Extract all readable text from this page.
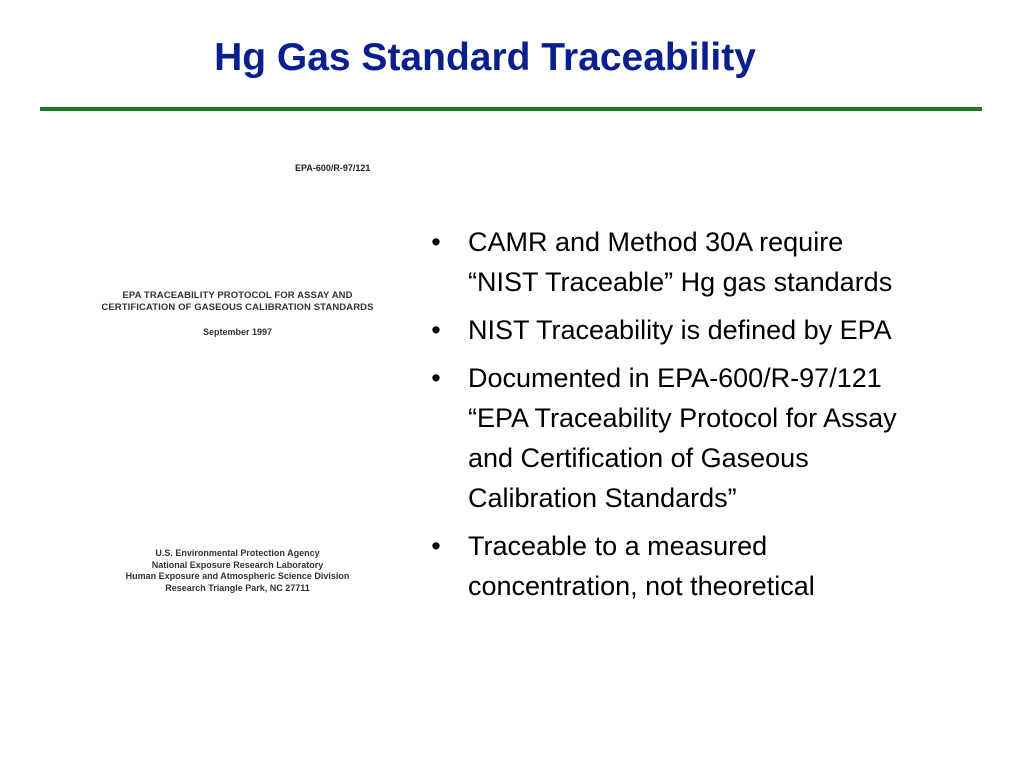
Hg Gas Standard Traceability
EPA-600/R-97/121
EPA TRACEABILITY PROTOCOL FOR ASSAY AND
CERTIFICATION OF GASEOUS CALIBRATION STANDARDS
September 1997
U.S. Environmental Protection Agency
National Exposure Research Laboratory
Human Exposure and Atmospheric Science Division
Research Triangle Park, NC 27711
• CAMR and Method 30A require
“NIST Traceable” Hg gas standards
• NIST Traceability is defined by EPA
• Documented in EPA-600/R-97/121
“EPA Traceability Protocol for Assay
and Certification of Gaseous
Calibration Standards”
• Traceable to a measured
concentration, not theoretical
